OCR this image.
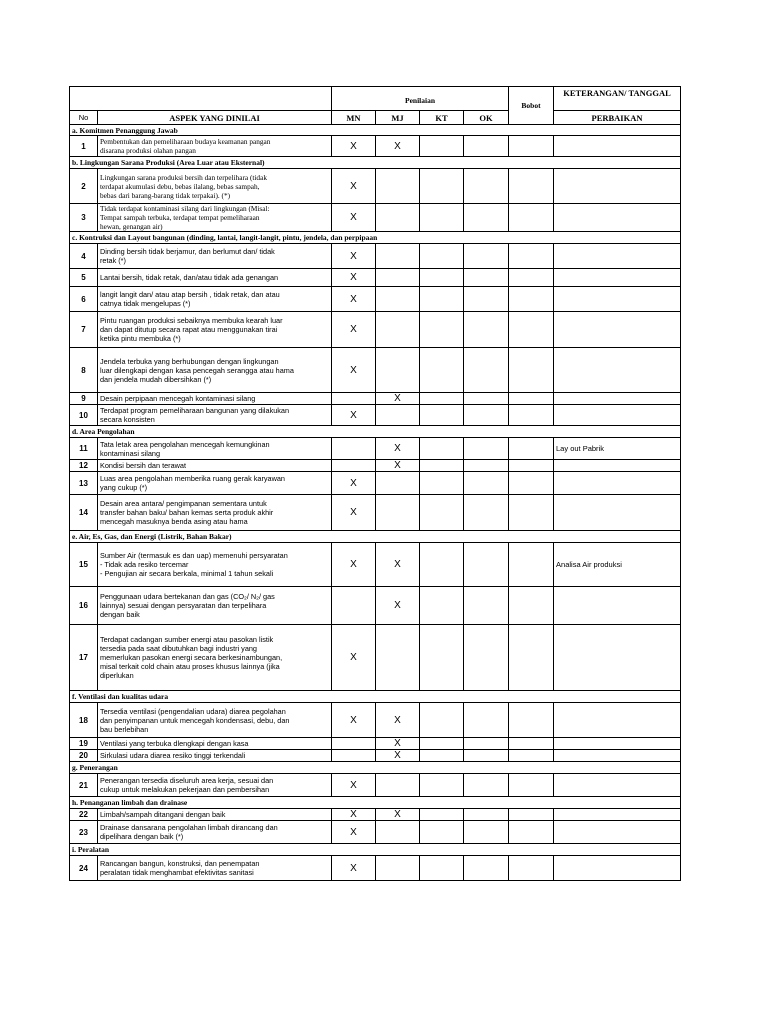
		Penilaian				Bobot	KETERANGAN/ TANGGAL
No	ASPEK YANG DINILAI	MN	MJ	KT	OK		PERBAIKAN
a. Komitmen Penanggung Jawab							
1	Pembentukan dan pemeliharaan budaya keamanan pangan
disarana produksi olahan pangan	X	X				
b. Lingkungan Sarana Produksi (Area Luar atau Eksternal)							
2	Lingkungan sarana produksi bersih dan terpelihara (tidak
terdapat akumulasi debu, bebas ilalang, bebas sampah,
bebas dari barang-barang tidak terpakai). (*)	X					
3	Tidak terdapat kontaminasi silang dari lingkungan (Misal:
Tempat sampah terbuka, terdapat tempat pemeliharaan
hewan, genangan air)	X					
c. Kontruksi dan Layout bangunan (dinding, lantai, langit-langit, pintu, jendela, dan perpipaan							
4	Dinding bersih tidak berjamur, dan berlumut dan/ tidak
retak (*)	X					
5	Lantai bersih, tidak retak, dan/atau tidak ada genangan	X					
6	langit langit dan/ atau atap bersih , tidak retak, dan atau
catnya tidak mengelupas (*)	X					
7	Pintu ruangan produksi sebaiknya membuka kearah luar
dan dapat ditutup secara rapat atau menggunakan tirai
ketika pintu membuka (*)	X					
8	Jendela terbuka yang berhubungan dengan lingkungan
luar dilengkapi dengan kasa pencegah serangga atau hama
dan jendela mudah dibersihkan (*)	X					
9	Desain perpipaan mencegah kontaminasi silang		X				
10	Terdapat program pemeliharaan bangunan yang dilakukan
secara konsisten	X					
d. Area Pengolahan							
11	Tata letak area pengolahan mencegah kemungkinan
kontaminasi silang		X				Lay out Pabrik
12	Kondisi bersih dan terawat		X				
13	Luas area pengolahan memberika ruang gerak karyawan
yang cukup (*)	X					
14	Desain area antara/ pengimpanan sementara untuk
transfer bahan baku/ bahan kemas serta produk akhir
mencegah masuknya benda asing atau hama	X					
e. Air, Es, Gas, dan Energi (Listrik, Bahan Bakar)							
15	Sumber Air (termasuk es dan uap) memenuhi persyaratan
- Tidak ada resiko tercemar
- Pengujian air secara berkala, minimal 1 tahun sekali	X	X				Analisa Air produksi
16	Penggunaan udara bertekanan dan gas (CO₂/ N₂/ gas
lainnya) sesuai dengan persyaratan dan terpelihara
dengan baik		X				
17	Terdapat cadangan sumber energi atau pasokan listik
tersedia pada saat dibutuhkan bagi industri yang
memerlukan pasokan energi secara berkesinambungan,
misal terkait cold chain atau proses khusus lainnya (jika
diperlukan	X					
f. Ventilasi dan kualitas udara							
18	Tersedia ventilasi (pengendalian udara) diarea pegolahan
dan penyimpanan untuk mencegah kondensasi, debu, dan
bau berlebihan	X	X				
19	Ventilasi yang terbuka dlengkapi dengan kasa		X				
20	Sirkulasi udara diarea resiko tinggi terkendali		X				
g. Penerangan							
21	Penerangan tersedia diseluruh area kerja, sesuai dan
cukup untuk melakukan pekerjaan dan pembersihan	X					
h. Penanganan limbah dan drainase							
22	Limbah/sampah ditangani dengan baik	X	X				
23	Drainase dansarana pengolahan limbah dirancang dan
dipelihara dengan baik (*)	X					
i. Peralatan							
24	Rancangan bangun, konstruksi, dan penempatan
peralatan tidak menghambat efektivitas sanitasi	X					
